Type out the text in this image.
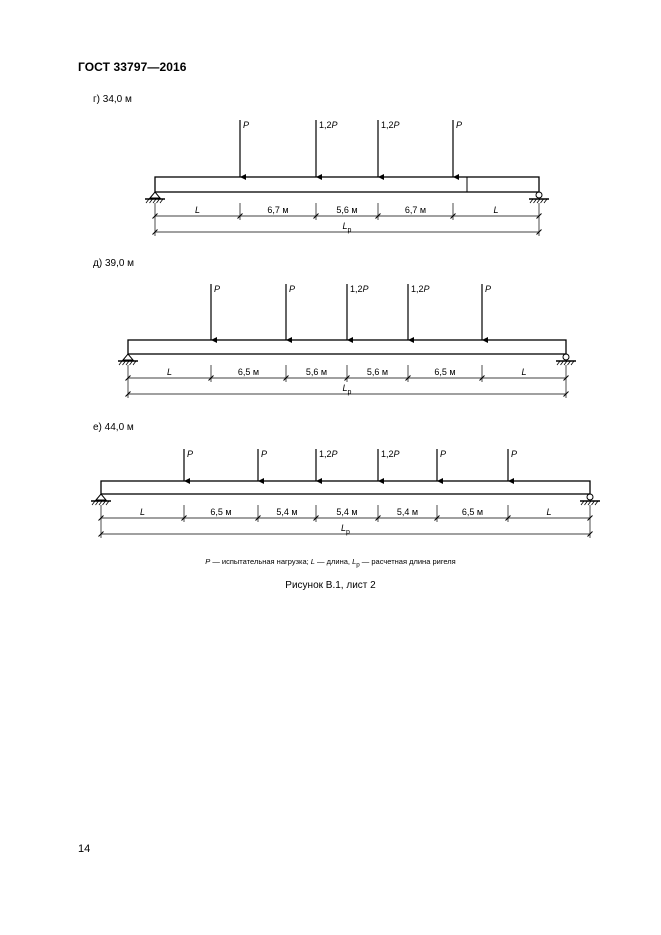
ГОСТ 33797—2016
г) 34,0 м
P	1,2P	1,2P	P
L	6,7 м	5,6 м	6,7 м	L
$L_p$
д) 39,0 м
P	P	1,2P	1,2P	P
L	6,5 м	5,6 м	5,6 м	6,5 м	L
$L_p$
е) 44,0 м
P	P	1,2P	1,2P	P	P
L	6,5 м	5,4 м	5,4 м	5,4 м	6,5 м	L
$L_p$
P — испытательная нагрузка; L — длина, $L_p$ — расчетная длина ригеля
Рисунок В.1, лист 2
14
